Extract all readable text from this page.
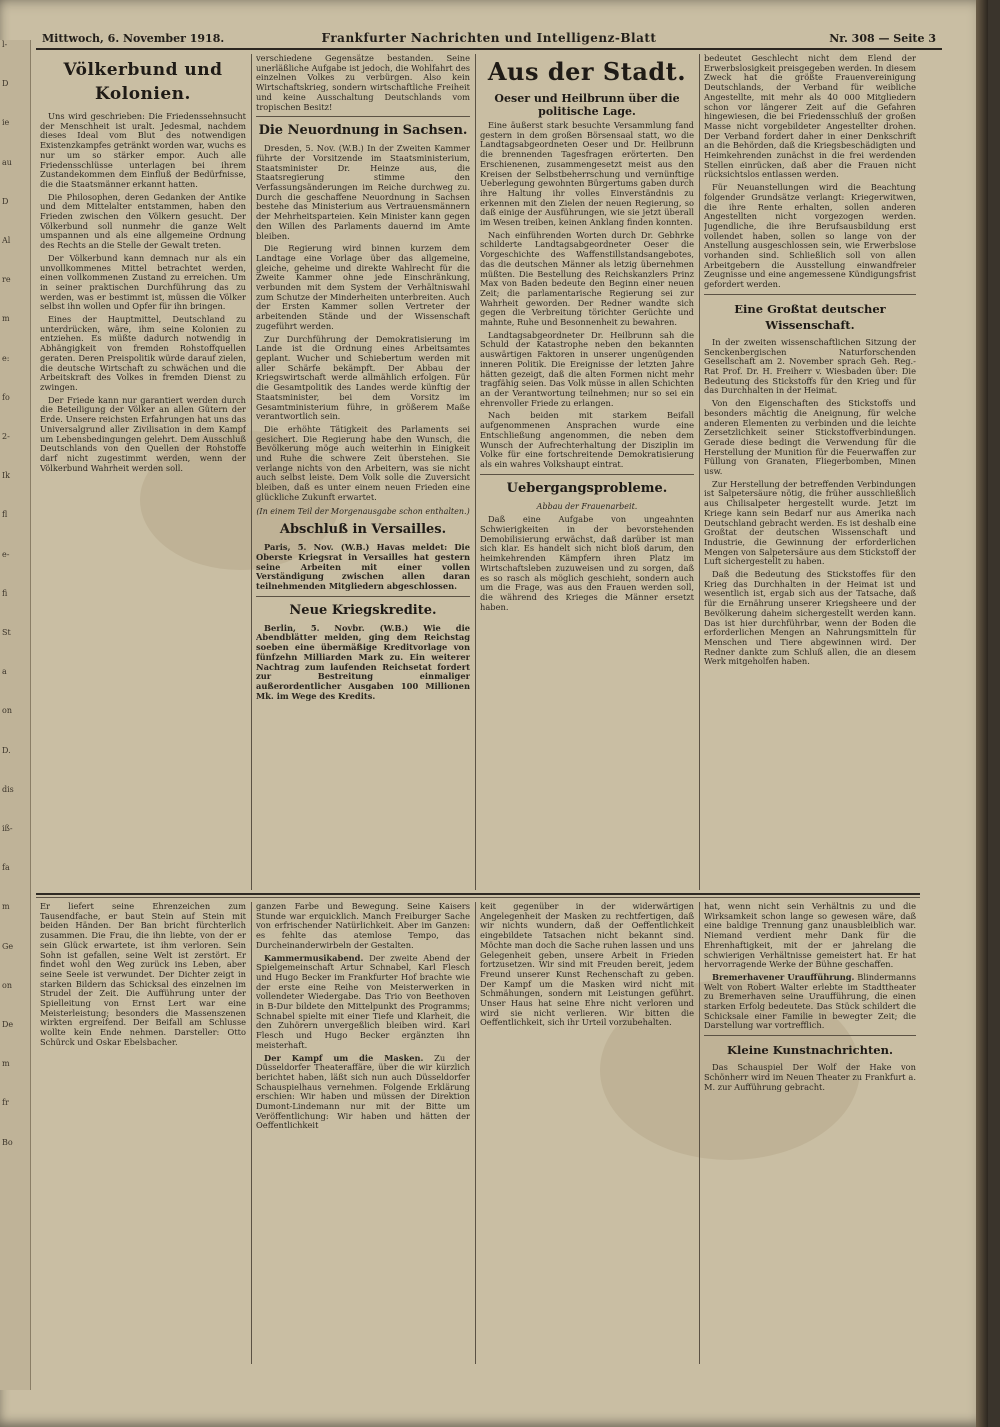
l-
D
ie
au
D
Al
re
m
e:
fo
2-
Ik
fl
e-
fi
St
a
on
D.
dis
iß-
fa
m
Ge
on
De
m
fr
Bo
Mittwoch, 6. November 1918.	Frankfurter Nachrichten und Intelligenz-Blatt	Nr. 308 — Seite 3
Völkerbund und Kolonien.

Uns wird geschrieben: Die Friedenssehnsucht der Menschheit ist uralt. Jedesmal, nachdem dieses Ideal vom Blut des notwendigen Existenzkampfes getränkt worden war, wuchs es nur um so stärker empor. Auch alle Friedensschlüsse unterlagen bei ihrem Zustandekommen dem Einfluß der Bedürfnisse, die die Staatsmänner erkannt hatten.

Die Philosophen, deren Gedanken der Antike und dem Mittelalter entstammen, haben den Frieden zwischen den Völkern gesucht. Der Völkerbund soll nunmehr die ganze Welt umspannen und als eine allgemeine Ordnung des Rechts an die Stelle der Gewalt treten.

Der Völkerbund kann demnach nur als ein unvollkommenes Mittel betrachtet werden, einen vollkommenen Zustand zu erreichen. Um in seiner praktischen Durchführung das zu werden, was er bestimmt ist, müssen die Völker selbst ihn wollen und Opfer für ihn bringen.

Eines der Hauptmittel, Deutschland zu unterdrücken, wäre, ihm seine Kolonien zu entziehen. Es müßte dadurch notwendig in Abhängigkeit von fremden Rohstoffquellen geraten. Deren Preispolitik würde darauf zielen, die deutsche Wirtschaft zu schwächen und die Arbeitskraft des Volkes in fremden Dienst zu zwingen.

Der Friede kann nur garantiert werden durch die Beteiligung der Völker an allen Gütern der Erde. Unsere reichsten Erfahrungen hat uns das Universalgrund aller Zivilisation in dem Kampf um Lebensbedingungen gelehrt. Dem Ausschluß Deutschlands von den Quellen der Rohstoffe darf nicht zugestimmt werden, wenn der Völkerbund Wahrheit werden soll.

verschiedene Gegensätze bestanden. Seine unerläßliche Aufgabe ist jedoch, die Wohlfahrt des einzelnen Volkes zu verbürgen. Also kein Wirtschaftskrieg, sondern wirtschaftliche Freiheit und keine Ausschaltung Deutschlands vom tropischen Besitz!

Die Neuordnung in Sachsen.

Dresden, 5. Nov. (W.B.) In der Zweiten Kammer führte der Vorsitzende im Staatsministerium, Staatsminister Dr. Heinze aus, die Staatsregierung stimme den Verfassungsänderungen im Reiche durchweg zu. Durch die geschaffene Neuordnung in Sachsen bestehe das Ministerium aus Vertrauensmännern der Mehrheitsparteien. Kein Minister kann gegen den Willen des Parlaments dauernd im Amte bleiben.

Die Regierung wird binnen kurzem dem Landtage eine Vorlage über das allgemeine, gleiche, geheime und direkte Wahlrecht für die Zweite Kammer ohne jede Einschränkung, verbunden mit dem System der Verhältniswahl zum Schutze der Minderheiten unterbreiten. Auch der Ersten Kammer sollen Vertreter der arbeitenden Stände und der Wissenschaft zugeführt werden.

Zur Durchführung der Demokratisierung im Lande ist die Ordnung eines Arbeitsamtes geplant. Wucher und Schiebertum werden mit aller Schärfe bekämpft. Der Abbau der Kriegswirtschaft werde allmählich erfolgen. Für die Gesamtpolitik des Landes werde künftig der Staatsminister, bei dem Vorsitz im Gesamtministerium führe, in größerem Maße verantwortlich sein.

Die erhöhte Tätigkeit des Parlaments sei gesichert. Die Regierung habe den Wunsch, die Bevölkerung möge auch weiterhin in Einigkeit und Ruhe die schwere Zeit überstehen. Sie verlange nichts von den Arbeitern, was sie nicht auch selbst leiste. Dem Volk solle die Zuversicht bleiben, daß es unter einem neuen Frieden eine glückliche Zukunft erwartet.

(In einem Teil der Morgenausgabe schon enthalten.)
Abschluß in Versailles.

Paris, 5. Nov. (W.B.) Havas meldet: Die Oberste Kriegsrat in Versailles hat gestern seine Arbeiten mit einer vollen Verständigung zwischen allen daran teilnehmenden Mitgliedern abgeschlossen.

Neue Kriegskredite.

Berlin, 5. Novbr. (W.B.) Wie die Abendblätter melden, ging dem Reichstag soeben eine übermäßige Kreditvorlage von fünfzehn Milliarden Mark zu. Ein weiterer Nachtrag zum laufenden Reichsetat fordert zur Bestreitung einmaliger außerordentlicher Ausgaben 100 Millionen Mk. im Wege des Kredits.

Aus der Stadt.
Oeser und Heilbrunn über die politische Lage.

Eine äußerst stark besuchte Versammlung fand gestern in dem großen Börsensaal statt, wo die Landtagsabgeordneten Oeser und Dr. Heilbrunn die brennenden Tagesfragen erörterten. Den Erschienenen, zusammengesetzt meist aus den Kreisen der Selbstbeherrschung und vernünftige Ueberlegung gewohnten Bürgertums gaben durch ihre Haltung ihr volles Einverständnis zu erkennen mit den Zielen der neuen Regierung, so daß einige der Ausführungen, wie sie jetzt überall im Wesen treiben, keinen Anklang finden konnten.

Nach einführenden Worten durch Dr. Gebhrke schilderte Landtagsabgeordneter Oeser die Vorgeschichte des Waffenstillstandsangebotes, das die deutschen Männer als letzig übernehmen müßten. Die Bestellung des Reichskanzlers Prinz Max von Baden bedeute den Beginn einer neuen Zeit; die parlamentarische Regierung sei zur Wahrheit geworden. Der Redner wandte sich gegen die Verbreitung törichter Gerüchte und mahnte, Ruhe und Besonnenheit zu bewahren.

Landtagsabgeordneter Dr. Heilbrunn sah die Schuld der Katastrophe neben den bekannten auswärtigen Faktoren in unserer ungenügenden inneren Politik. Die Ereignisse der letzten Jahre hätten gezeigt, daß die alten Formen nicht mehr tragfähig seien. Das Volk müsse in allen Schichten an der Verantwortung teilnehmen; nur so sei ein ehrenvoller Friede zu erlangen.

Nach beiden mit starkem Beifall aufgenommenen Ansprachen wurde eine Entschließung angenommen, die neben dem Wunsch der Aufrechterhaltung der Disziplin im Volke für eine fortschreitende Demokratisierung als ein wahres Volkshaupt eintrat.

Uebergangsprobleme.
Abbau der Frauenarbeit.

Daß eine Aufgabe von ungeahnten Schwierigkeiten in der bevorstehenden Demobilisierung erwächst, daß darüber ist man sich klar. Es handelt sich nicht bloß darum, den heimkehrenden Kämpfern ihren Platz im Wirtschaftsleben zuzuweisen und zu sorgen, daß es so rasch als möglich geschieht, sondern auch um die Frage, was aus den Frauen werden soll, die während des Krieges die Männer ersetzt haben.

bedeutet Geschlecht nicht dem Elend der Erwerbslosigkeit preisgegeben werden. In diesem Zweck hat die größte Frauenvereinigung Deutschlands, der Verband für weibliche Angestellte, mit mehr als 40 000 Mitgliedern schon vor längerer Zeit auf die Gefahren hingewiesen, die bei Friedensschluß der großen Masse nicht vorgebildeter Angestellter drohen. Der Verband fordert daher in einer Denkschrift an die Behörden, daß die Kriegsbeschädigten und Heimkehrenden zunächst in die frei werdenden Stellen einrücken, daß aber die Frauen nicht rücksichtslos entlassen werden.

Für Neuanstellungen wird die Beachtung folgender Grundsätze verlangt: Kriegerwitwen, die ihre Rente erhalten, sollen anderen Angestellten nicht vorgezogen werden. Jugendliche, die ihre Berufsausbildung erst vollendet haben, sollen so lange von der Anstellung ausgeschlossen sein, wie Erwerbslose vorhanden sind. Schließlich soll von allen Arbeitgebern die Ausstellung einwandfreier Zeugnisse und eine angemessene Kündigungsfrist gefordert werden.

Eine Großtat deutscher Wissenschaft.

In der zweiten wissenschaftlichen Sitzung der Senckenbergischen Naturforschenden Gesellschaft am 2. November sprach Geh. Reg.-Rat Prof. Dr. H. Freiherr v. Wiesbaden über: Die Bedeutung des Stickstoffs für den Krieg und für das Durchhalten in der Heimat.

Von den Eigenschaften des Stickstoffs und besonders mächtig die Aneignung, für welche anderen Elementen zu verbinden und die leichte Zersetzlichkeit seiner Stickstoffverbindungen. Gerade diese bedingt die Verwendung für die Herstellung der Munition für die Feuerwaffen zur Füllung von Granaten, Fliegerbomben, Minen usw.

Zur Herstellung der betreffenden Verbindungen ist Salpetersäure nötig, die früher ausschließlich aus Chilisalpeter hergestellt wurde. Jetzt im Kriege kann sein Bedarf nur aus Amerika nach Deutschland gebracht werden. Es ist deshalb eine Großtat der deutschen Wissenschaft und Industrie, die Gewinnung der erforderlichen Mengen von Salpetersäure aus dem Stickstoff der Luft sichergestellt zu haben.

Daß die Bedeutung des Stickstoffes für den Krieg das Durchhalten in der Heimat ist und wesentlich ist, ergab sich aus der Tatsache, daß für die Ernährung unserer Kriegsheere und der Bevölkerung daheim sichergestellt werden kann. Das ist hier durchführbar, wenn der Boden die erforderlichen Mengen an Nahrungsmitteln für Menschen und Tiere abgewinnen wird. Der Redner dankte zum Schluß allen, die an diesem Werk mitgeholfen haben.

Er liefert seine Ehrenzeichen zum Tausendfache, er baut Stein auf Stein mit beiden Händen. Der Ban bricht fürchterlich zusammen. Die Frau, die ihn liebte, von der er sein Glück erwartete, ist ihm verloren. Sein Sohn ist gefallen, seine Welt ist zerstört. Er findet wohl den Weg zurück ins Leben, aber seine Seele ist verwundet. Der Dichter zeigt in starken Bildern das Schicksal des einzelnen im Strudel der Zeit. Die Aufführung unter der Spielleitung von Ernst Lert war eine Meisterleistung; besonders die Massenszenen wirkten ergreifend. Der Beifall am Schlusse wollte kein Ende nehmen. Darsteller: Otto Schürck und Oskar Ebelsbacher.

ganzen Farbe und Bewegung. Seine Kaisers Stunde war erquicklich. Manch Freiburger Sache von erfrischender Natürlichkeit. Aber im Ganzen: es fehlte das atemlose Tempo, das Durcheinanderwirbeln der Gestalten.

Kammermusikabend. Der zweite Abend der Spielgemeinschaft Artur Schnabel, Karl Flesch und Hugo Becker im Frankfurter Hof brachte wie der erste eine Reihe von Meisterwerken in vollendeter Wiedergabe. Das Trio von Beethoven in B-Dur bildete den Mittelpunkt des Programms; Schnabel spielte mit einer Tiefe und Klarheit, die den Zuhörern unvergeßlich bleiben wird. Karl Flesch und Hugo Becker ergänzten ihn meisterhaft.

Der Kampf um die Masken. Zu der Düsseldorfer Theateraffäre, über die wir kürzlich berichtet haben, läßt sich nun auch Düsseldorfer Schauspielhaus vernehmen. Folgende Erklärung erschien: Wir haben und müssen der Direktion Dumont-Lindemann nur mit der Bitte um Veröffentlichung: Wir haben und hätten der Oeffentlichkeit

keit gegenüber in der widerwärtigen Angelegenheit der Masken zu rechtfertigen, daß wir nichts wundern, daß der Oeffentlichkeit eingebildete Tatsachen nicht bekannt sind. Möchte man doch die Sache ruhen lassen und uns Gelegenheit geben, unsere Arbeit in Frieden fortzusetzen. Wir sind mit Freuden bereit, jedem Freund unserer Kunst Rechenschaft zu geben. Der Kampf um die Masken wird nicht mit Schmähungen, sondern mit Leistungen geführt. Unser Haus hat seine Ehre nicht verloren und wird sie nicht verlieren. Wir bitten die Oeffentlichkeit, sich ihr Urteil vorzubehalten.

hat, wenn nicht sein Verhältnis zu und die Wirksamkeit schon lange so gewesen wäre, daß eine baldige Trennung ganz unausbleiblich war. Niemand verdient mehr Dank für die Ehrenhaftigkeit, mit der er jahrelang die schwierigen Verhältnisse gemeistert hat. Er hat hervorragende Werke der Bühne geschaffen.

Bremerhavener Uraufführung. Blindermanns Welt von Robert Walter erlebte im Stadttheater zu Bremerhaven seine Uraufführung, die einen starken Erfolg bedeutete. Das Stück schildert die Schicksale einer Familie in bewegter Zeit; die Darstellung war vortrefflich.

Kleine Kunstnachrichten.

Das Schauspiel Der Wolf der Hake von Schönherr wird im Neuen Theater zu Frankfurt a. M. zur Aufführung gebracht.
